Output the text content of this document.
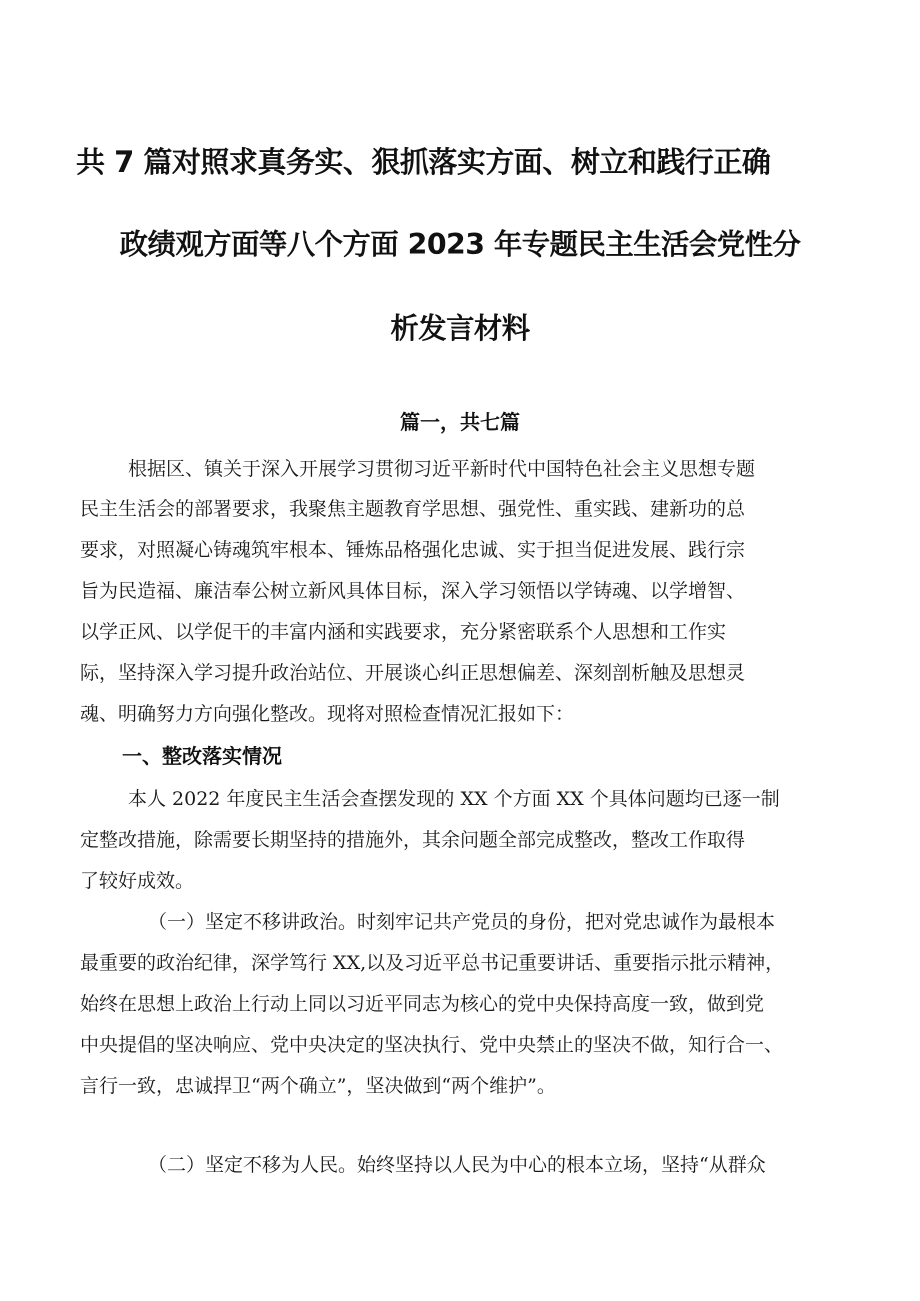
共 7 篇对照求真务实、狠抓落实方面、树立和践行正确
政绩观方面等八个方面 2023 年专题民主生活会党性分
析发言材料
篇一，共七篇
根据区、镇关于深入开展学习贯彻习近平新时代中国特色社会主义思想专题
民主生活会的部署要求，我聚焦主题教育学思想、强党性、重实践、建新功的总
要求，对照凝心铸魂筑牢根本、锤炼品格强化忠诚、实于担当促进发展、践行宗
旨为民造福、廉洁奉公树立新风具体目标，深入学习领悟以学铸魂、以学增智、
以学正风、以学促干的丰富内涵和实践要求，充分紧密联系个人思想和工作实
际，坚持深入学习提升政治站位、开展谈心纠正思想偏差、深刻剖析触及思想灵
魂、明确努力方向强化整改。现将对照检查情况汇报如下：
一、整改落实情况
本人 2022 年度民主生活会查摆发现的 XX 个方面 XX 个具体问题均已逐一制
定整改措施，除需要长期坚持的措施外，其余问题全部完成整改，整改工作取得
了较好成效。
（一）坚定不移讲政治。时刻牢记共产党员的身份，把对党忠诚作为最根本
最重要的政治纪律，深学笃行 XX,以及习近平总书记重要讲话、重要指示批示精神，
始终在思想上政治上行动上同以习近平同志为核心的党中央保持高度一致，做到党
中央提倡的坚决响应、党中央决定的坚决执行、党中央禁止的坚决不做，知行合一、
言行一致，忠诚捍卫“两个确立”，坚决做到“两个维护”。
（二）坚定不移为人民。始终坚持以人民为中心的根本立场，坚持“从群众
